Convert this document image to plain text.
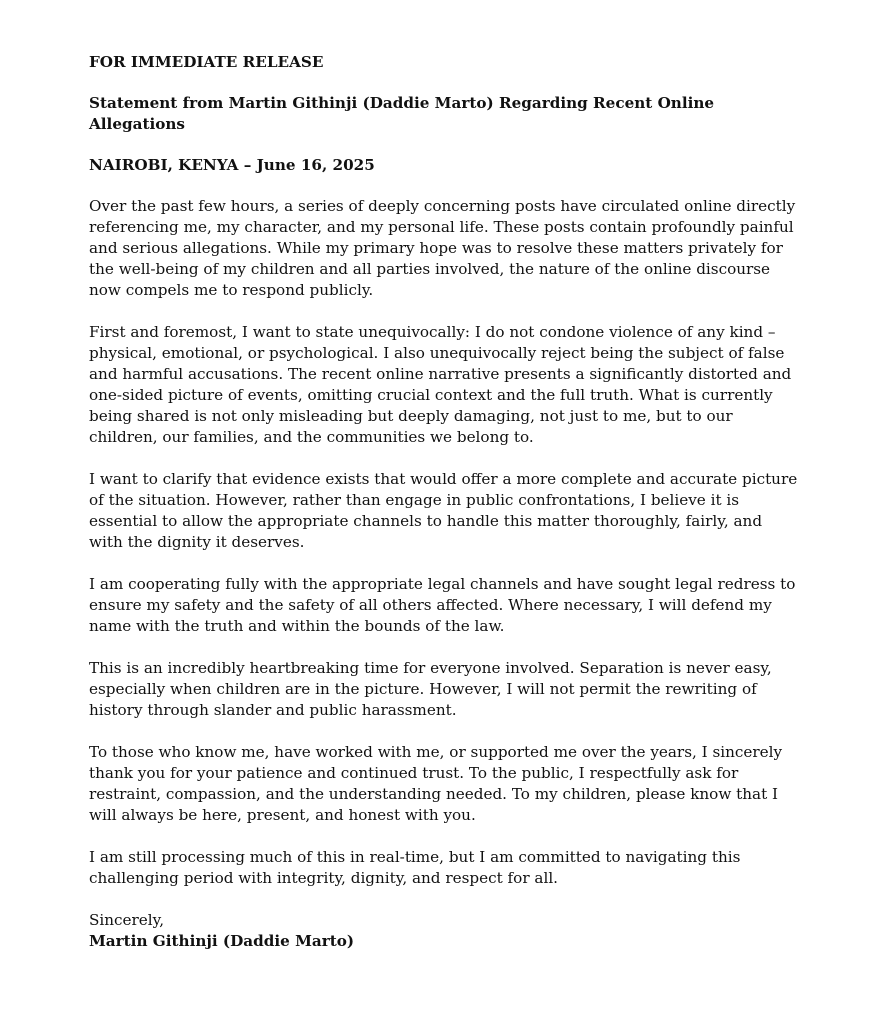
FOR IMMEDIATE RELEASE
Statement from Martin Githinji (Daddie Marto) Regarding Recent Online Allegations
NAIROBI, KENYA – June 16, 2025
Over the past few hours, a series of deeply concerning posts have circulated online directly
referencing me, my character, and my personal life. These posts contain profoundly painful
and serious allegations. While my primary hope was to resolve these matters privately for
the well-being of my children and all parties involved, the nature of the online discourse
now compels me to respond publicly.
First and foremost, I want to state unequivocally: I do not condone violence of any kind –
physical, emotional, or psychological. I also unequivocally reject being the subject of false
and harmful accusations. The recent online narrative presents a significantly distorted and
one-sided picture of events, omitting crucial context and the full truth. What is currently
being shared is not only misleading but deeply damaging, not just to me, but to our
children, our families, and the communities we belong to.
I want to clarify that evidence exists that would offer a more complete and accurate picture
of the situation. However, rather than engage in public confrontations, I believe it is
essential to allow the appropriate channels to handle this matter thoroughly, fairly, and
with the dignity it deserves.
I am cooperating fully with the appropriate legal channels and have sought legal redress to
ensure my safety and the safety of all others affected. Where necessary, I will defend my
name with the truth and within the bounds of the law.
This is an incredibly heartbreaking time for everyone involved. Separation is never easy,
especially when children are in the picture. However, I will not permit the rewriting of
history through slander and public harassment.
To those who know me, have worked with me, or supported me over the years, I sincerely
thank you for your patience and continued trust. To the public, I respectfully ask for
restraint, compassion, and the understanding needed. To my children, please know that I
will always be here, present, and honest with you.
I am still processing much of this in real-time, but I am committed to navigating this
challenging period with integrity, dignity, and respect for all.
Sincerely,
Martin Githinji (Daddie Marto)
